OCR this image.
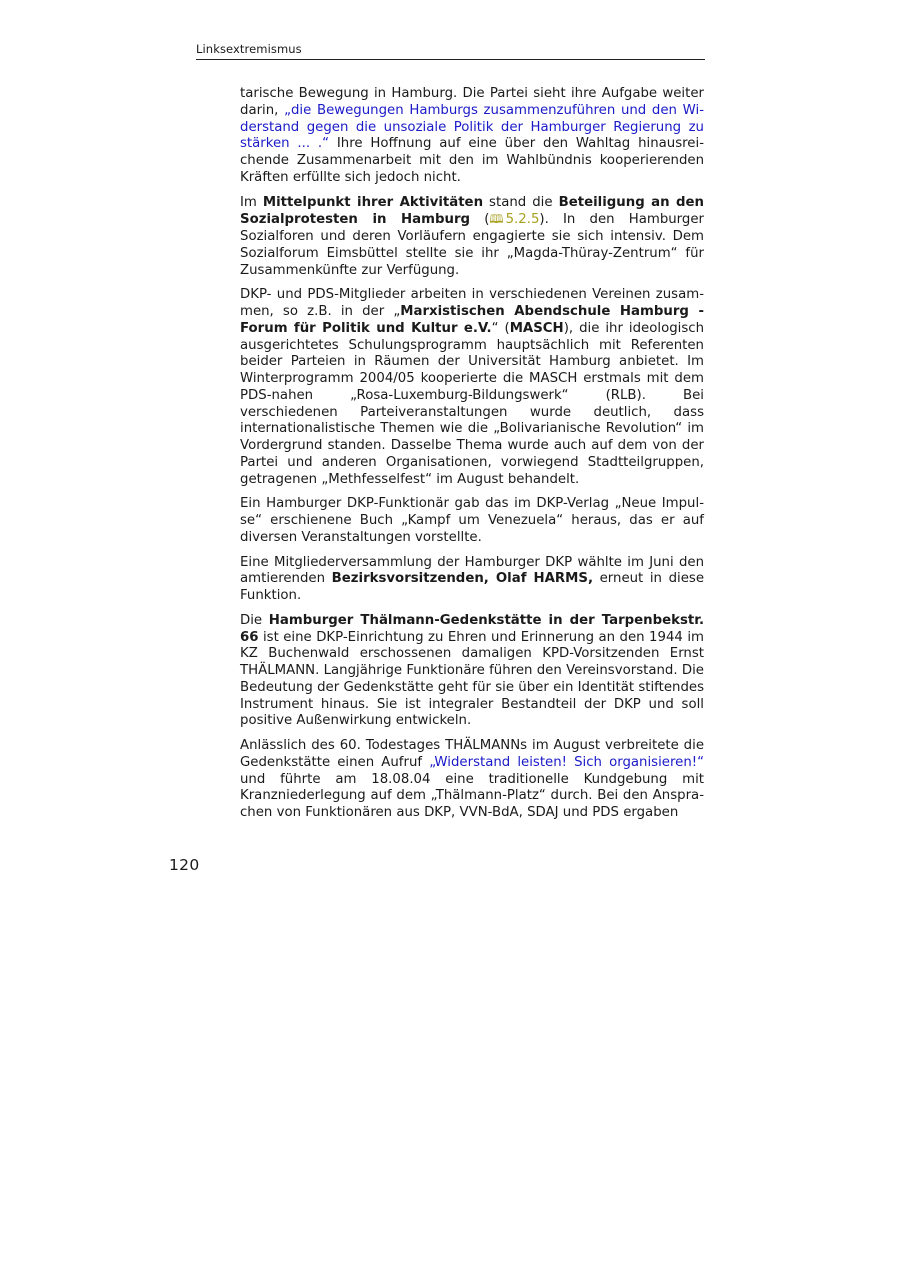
Linksextremismus

tarische Bewegung in Hamburg. Die Partei sieht ihre Aufgabe weiter darin, „die Bewegungen Hamburgs zusammenzuführen und den Widerstand gegen die unsoziale Politik der Hamburger Regierung zu stärken ... .“ Ihre Hoffnung auf eine über den Wahltag hinausreichende Zusammenarbeit mit den im Wahlbündnis kooperierenden Kräften erfüllte sich jedoch nicht.

Im Mittelpunkt ihrer Aktivitäten stand die Beteiligung an den Sozialprotesten in Hamburg (🕮 5.2.5). In den Hamburger Sozialforen und deren Vorläufern engagierte sie sich intensiv. Dem Sozialforum Eimsbüttel stellte sie ihr „Magda-Thüray-Zentrum“ für Zusammenkünfte zur Verfügung.

DKP- und PDS-Mitglieder arbeiten in verschiedenen Vereinen zusammen, so z.B. in der „Marxistischen Abendschule Hamburg - Forum für Politik und Kultur e.V.“ (MASCH), die ihr ideologisch ausgerichtetes Schulungsprogramm hauptsächlich mit Referenten beider Parteien in Räumen der Universität Hamburg anbietet. Im Winterprogramm 2004/05 kooperierte die MASCH erstmals mit dem PDS-nahen „Rosa-Luxemburg-Bildungswerk“ (RLB). Bei verschiedenen Parteiveranstaltungen wurde deutlich, dass internationalistische Themen wie die „Bolivarianische Revolution“ im Vordergrund standen. Dasselbe Thema wurde auch auf dem von der Partei und anderen Organisationen, vorwiegend Stadtteilgruppen, getragenen „Methfesselfest“ im August behandelt.

Ein Hamburger DKP-Funktionär gab das im DKP-Verlag „Neue Impulse“ erschienene Buch „Kampf um Venezuela“ heraus, das er auf diversen Veranstaltungen vorstellte.

Eine Mitgliederversammlung der Hamburger DKP wählte im Juni den amtierenden Bezirksvorsitzenden, Olaf HARMS, erneut in diese Funktion.

Die Hamburger Thälmann-Gedenkstätte in der Tarpenbekstr. 66 ist eine DKP-Einrichtung zu Ehren und Erinnerung an den 1944 im KZ Buchenwald erschossenen damaligen KPD-Vorsitzenden Ernst THÄLMANN. Langjährige Funktionäre führen den Vereinsvorstand. Die Bedeutung der Gedenkstätte geht für sie über ein Identität stiftendes Instrument hinaus. Sie ist integraler Bestandteil der DKP und soll positive Außenwirkung entwickeln.

Anlässlich des 60. Todestages THÄLMANNs im August verbreitete die Gedenkstätte einen Aufruf „Widerstand leisten! Sich organisieren!“ und führte am 18.08.04 eine traditionelle Kundgebung mit Kranzniederlegung auf dem „Thälmann-Platz“ durch. Bei den Ansprachen von Funktionären aus DKP, VVN-BdA, SDAJ und PDS ergaben

120
